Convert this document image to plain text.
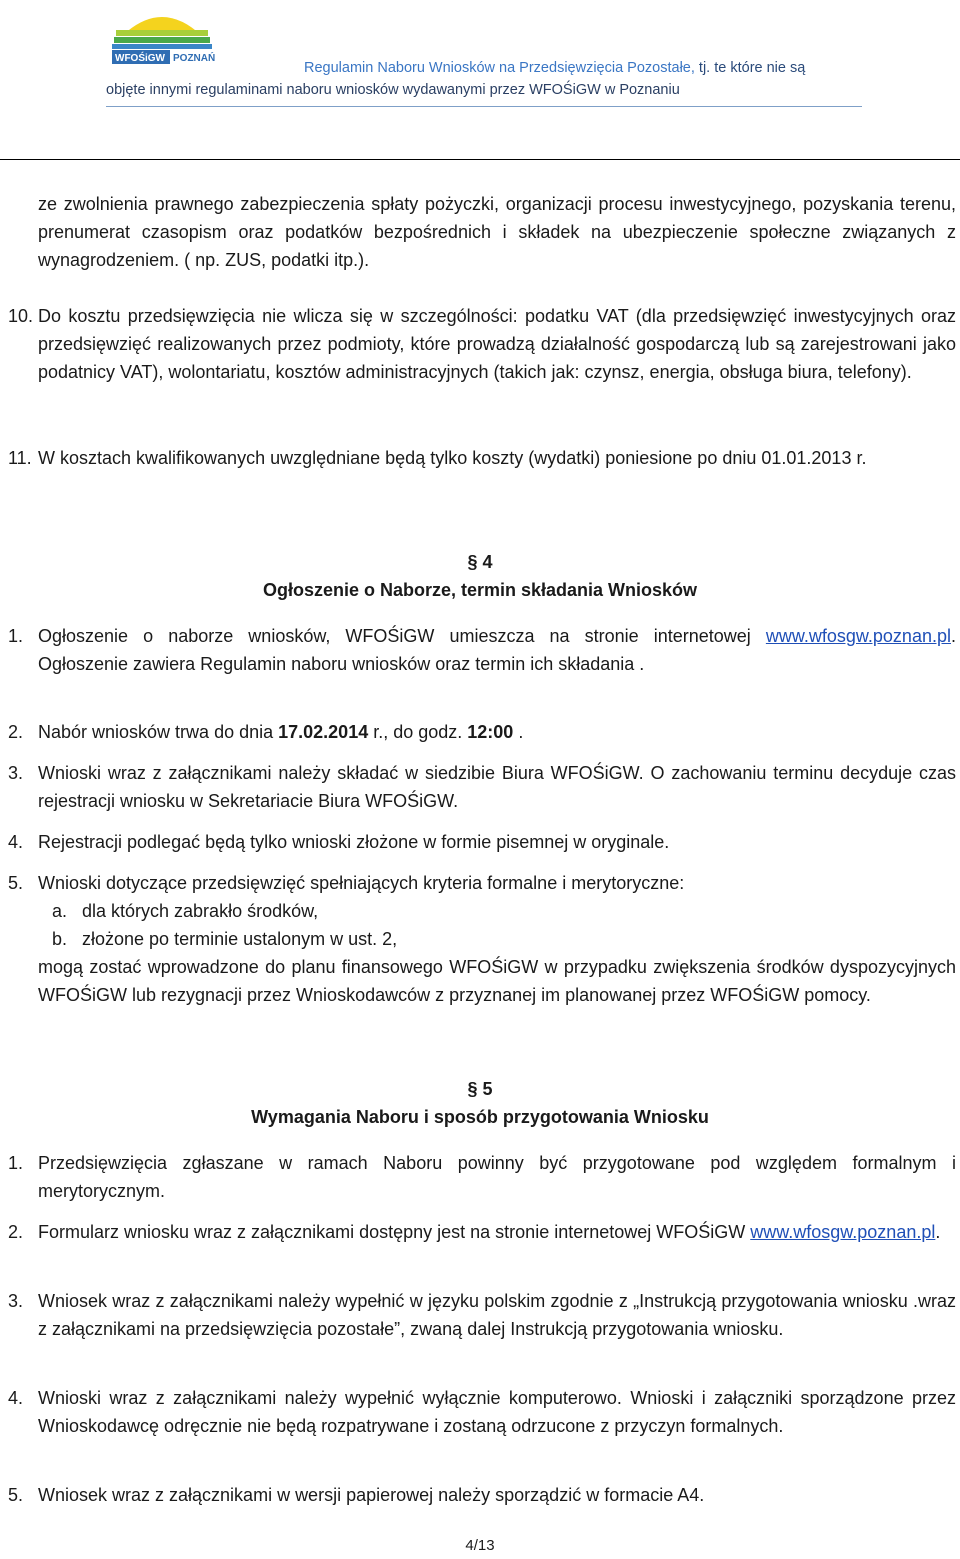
WFOŚiGW POZNAŃ
Regulamin Naboru Wniosków na Przedsięwzięcia Pozostałe, tj. te które nie są
objęte innymi regulaminami naboru wniosków wydawanymi przez WFOŚiGW w Poznaniu
ze zwolnienia prawnego zabezpieczenia spłaty pożyczki, organizacji procesu inwestycyjnego, pozyskania terenu, prenumerat czasopism oraz podatków bezpośrednich i składek na ubezpieczenie społeczne związanych z wynagrodzeniem. ( np. ZUS, podatki itp.).
10. Do kosztu przedsięwzięcia nie wlicza się w szczególności: podatku VAT (dla przedsięwzięć inwestycyjnych oraz przedsięwzięć realizowanych przez podmioty, które prowadzą działalność gospodarczą lub są zarejestrowani jako podatnicy VAT), wolontariatu, kosztów administracyjnych (takich jak: czynsz, energia, obsługa biura, telefony).
11. W kosztach kwalifikowanych uwzględniane będą tylko koszty (wydatki) poniesione po dniu 01.01.2013 r.
§ 4
Ogłoszenie o Naborze, termin składania Wniosków
1. Ogłoszenie o naborze wniosków, WFOŚiGW umieszcza na stronie internetowej www.wfosgw.poznan.pl. Ogłoszenie zawiera Regulamin naboru wniosków oraz termin ich składania .
2. Nabór wniosków trwa do dnia 17.02.2014 r., do godz. 12:00 .
3. Wnioski wraz z załącznikami należy składać w siedzibie Biura WFOŚiGW. O zachowaniu terminu decyduje czas rejestracji wniosku w Sekretariacie Biura WFOŚiGW.
4. Rejestracji podlegać będą tylko wnioski złożone w formie pisemnej w oryginale.
5. Wnioski dotyczące przedsięwzięć spełniających kryteria formalne i merytoryczne:
a. dla których zabrakło środków,
b. złożone po terminie ustalonym w ust. 2,
mogą zostać wprowadzone do planu finansowego WFOŚiGW w przypadku zwiększenia środków dyspozycyjnych WFOŚiGW lub rezygnacji przez Wnioskodawców z przyznanej im planowanej przez WFOŚiGW pomocy.
§ 5
Wymagania Naboru i sposób przygotowania Wniosku
1. Przedsięwzięcia zgłaszane w ramach Naboru powinny być przygotowane pod względem formalnym i merytorycznym.
2. Formularz wniosku wraz z załącznikami dostępny jest na stronie internetowej WFOŚiGW www.wfosgw.poznan.pl.
3. Wniosek wraz z załącznikami należy wypełnić w języku polskim zgodnie z „Instrukcją przygotowania wniosku .wraz z załącznikami na przedsięwzięcia pozostałe”, zwaną dalej Instrukcją przygotowania wniosku.
4. Wnioski wraz z załącznikami należy wypełnić wyłącznie komputerowo. Wnioski i załączniki sporządzone przez Wnioskodawcę odręcznie nie będą rozpatrywane i zostaną odrzucone z przyczyn formalnych.
5. Wniosek wraz z załącznikami w wersji papierowej należy sporządzić w formacie A4.
4/13
